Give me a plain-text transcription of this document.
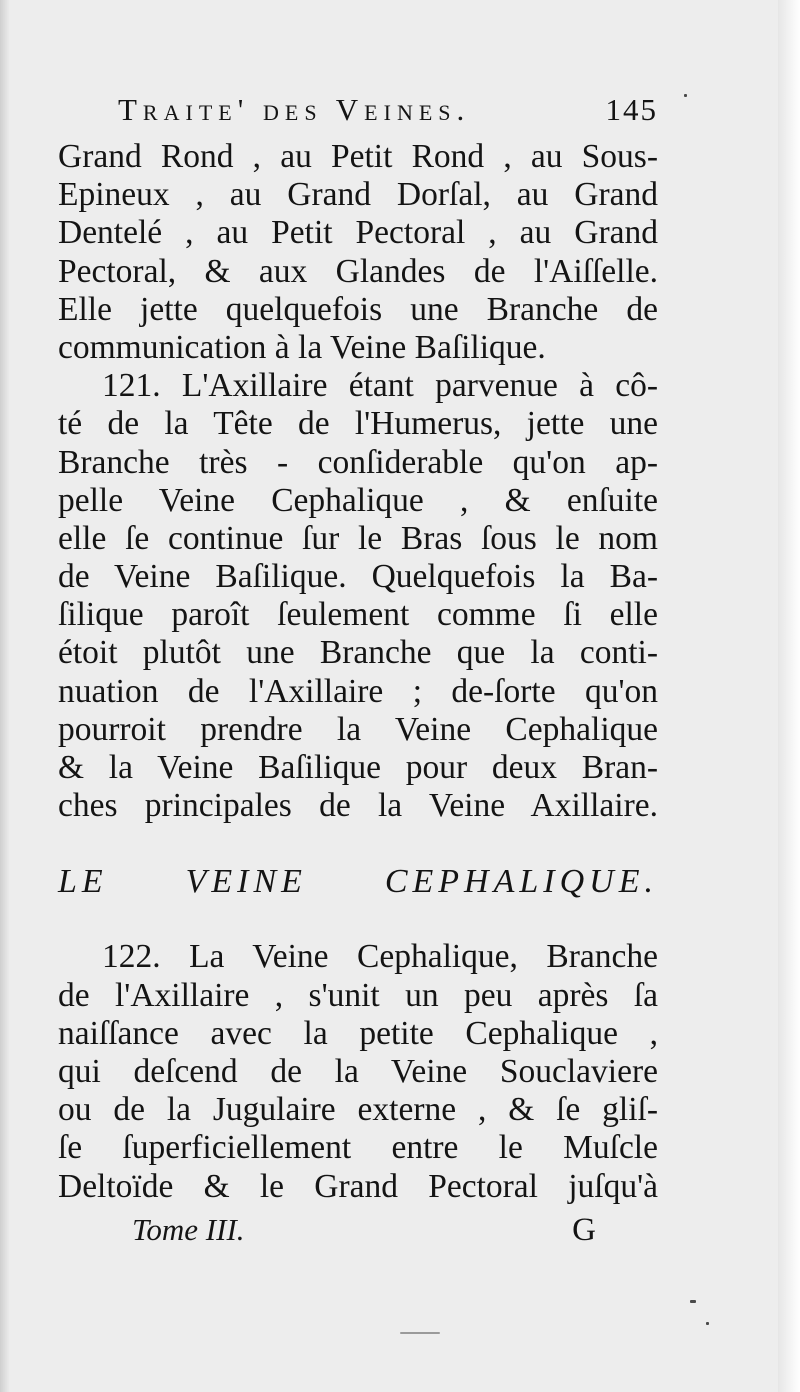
Traite' des Veines.	145
Grand Rond , au Petit Rond , au Sous-
Epineux , au Grand Dorſal, au Grand
Dentelé , au Petit Pectoral , au Grand
Pectoral, & aux Glandes de l'Aiſſelle.
Elle jette quelquefois une Branche de
communication à la Veine Baſilique.
121. L'Axillaire étant parvenue à cô-
té de la Tête de l'Humerus, jette une
Branche très - conſiderable qu'on ap-
pelle Veine Cephalique , & enſuite
elle ſe continue ſur le Bras ſous le nom
de Veine Baſilique. Quelquefois la Ba-
ſilique paroît ſeulement comme ſi elle
étoit plutôt une Branche que la conti-
nuation de l'Axillaire ; de-ſorte qu'on
pourroit prendre la Veine Cephalique
& la Veine Baſilique pour deux Bran-
ches principales de la Veine Axillaire.
LE VEINE CEPHALIQUE.
122. La Veine Cephalique, Branche
de l'Axillaire , s'unit un peu après ſa
naiſſance avec la petite Cephalique ,
qui deſcend de la Veine Souclaviere
ou de la Jugulaire externe , & ſe gliſ-
ſe ſuperficiellement entre le Muſcle
Deltoïde & le Grand Pectoral juſqu'à
Tome III.	G
